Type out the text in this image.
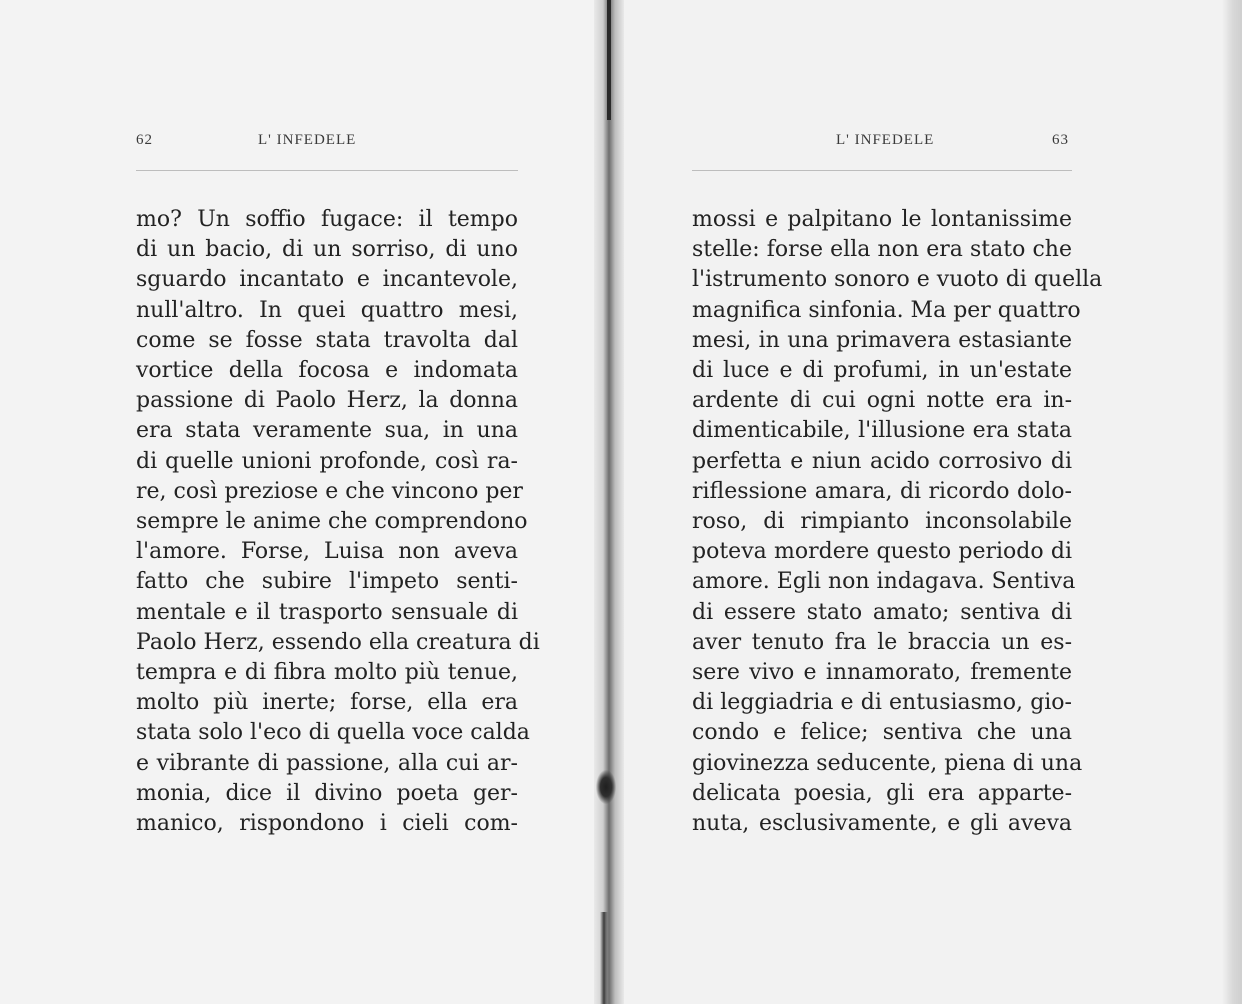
62	L' INFEDELE	L' INFEDELE	63
mo? Un soffio fugace: il tempo
di un bacio, di un sorriso, di uno
sguardo incantato e incantevole,
null'altro. In quei quattro mesi,
come se fosse stata travolta dal
vortice della focosa e indomata
passione di Paolo Herz, la donna
era stata veramente sua, in una
di quelle unioni profonde, così ra-
re, così preziose e che vincono per
sempre le anime che comprendono
l'amore. Forse, Luisa non aveva
fatto che subire l'impeto senti-
mentale e il trasporto sensuale di
Paolo Herz, essendo ella creatura di
tempra e di fibra molto più tenue,
molto più inerte; forse, ella era
stata solo l'eco di quella voce calda
e vibrante di passione, alla cui ar-
monia, dice il divino poeta ger-
manico, rispondono i cieli com-
mossi e palpitano le lontanissime
stelle: forse ella non era stato che
l'istrumento sonoro e vuoto di quella
magnifica sinfonia. Ma per quattro
mesi, in una primavera estasiante
di luce e di profumi, in un'estate
ardente di cui ogni notte era in-
dimenticabile, l'illusione era stata
perfetta e niun acido corrosivo di
riflessione amara, di ricordo dolo-
roso, di rimpianto inconsolabile
poteva mordere questo periodo di
amore. Egli non indagava. Sentiva
di essere stato amato; sentiva di
aver tenuto fra le braccia un es-
sere vivo e innamorato, fremente
di leggiadria e di entusiasmo, gio-
condo e felice; sentiva che una
giovinezza seducente, piena di una
delicata poesia, gli era apparte-
nuta, esclusivamente, e gli aveva
